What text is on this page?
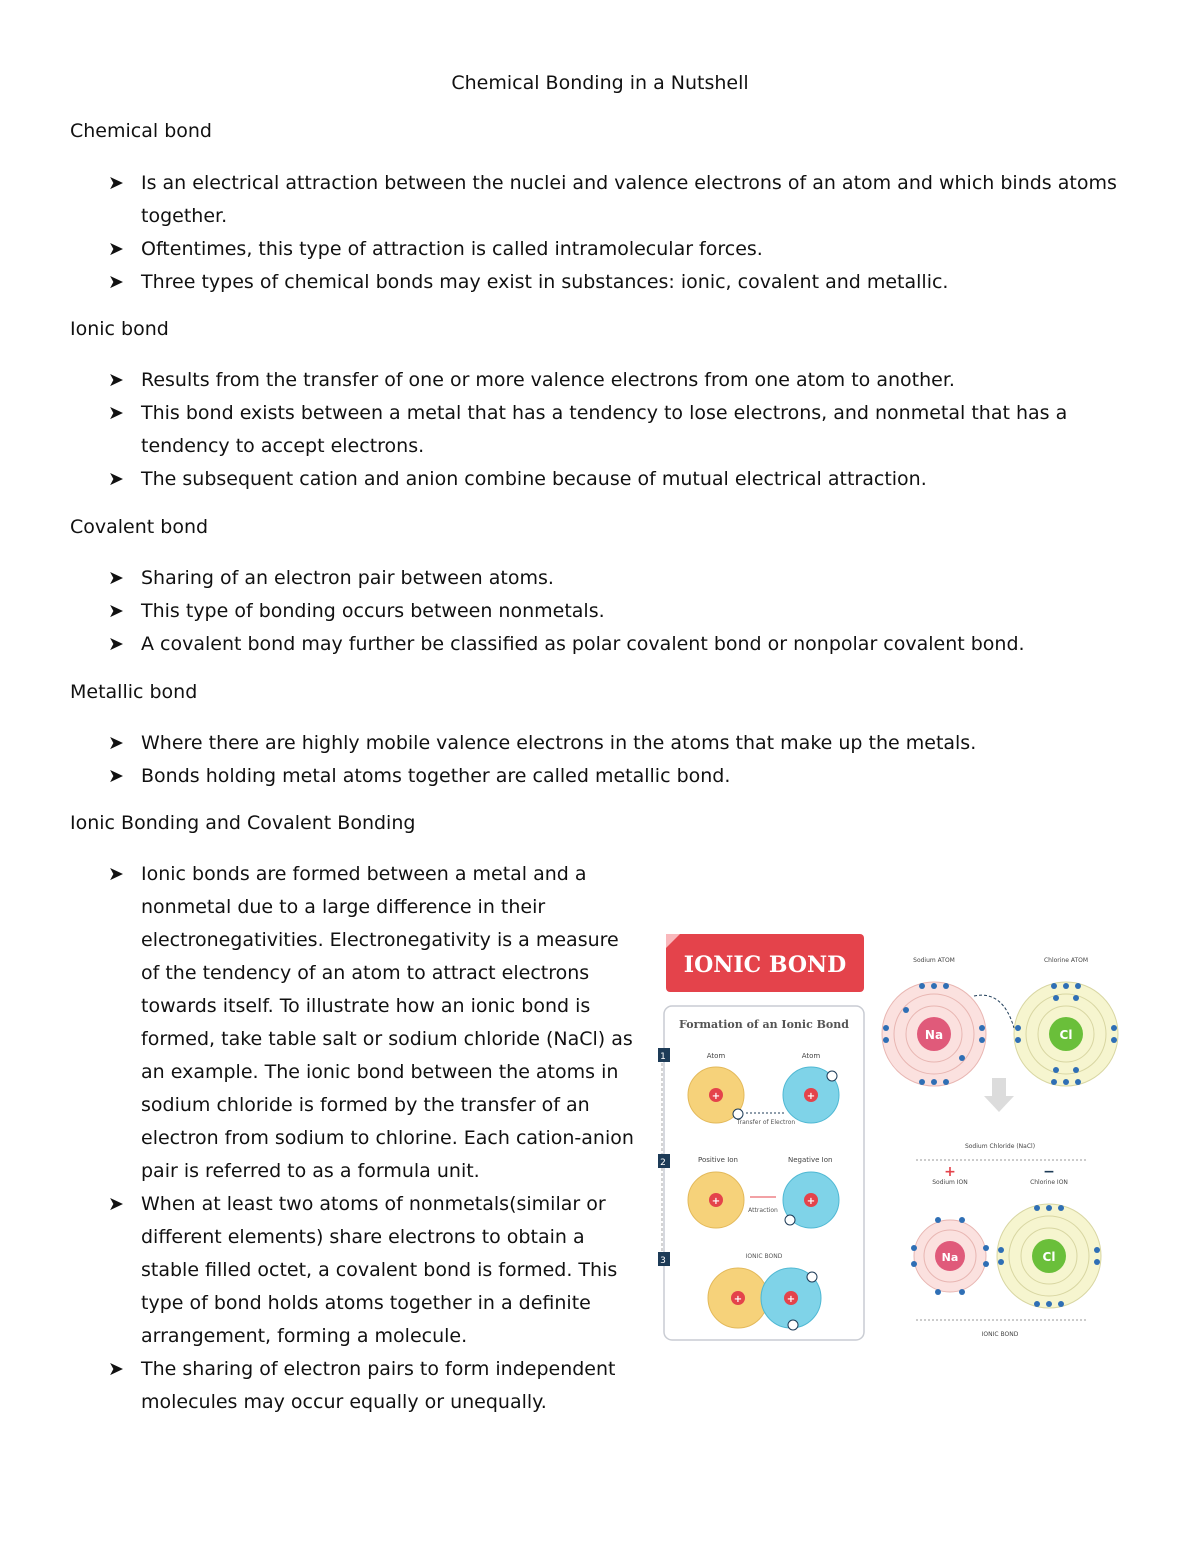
Chemical Bonding in a Nutshell
Chemical bond
➤ Is an electrical attraction between the nuclei and valence electrons of an atom and which binds atoms together.
➤ Oftentimes, this type of attraction is called intramolecular forces.
➤ Three types of chemical bonds may exist in substances: ionic, covalent and metallic.
Ionic bond
➤ Results from the transfer of one or more valence electrons from one atom to another.
➤ This bond exists between a metal that has a tendency to lose electrons, and nonmetal that has a tendency to accept electrons.
➤ The subsequent cation and anion combine because of mutual electrical attraction.
Covalent bond
➤ Sharing of an electron pair between atoms.
➤ This type of bonding occurs between nonmetals.
➤ A covalent bond may further be classified as polar covalent bond or nonpolar covalent bond.
Metallic bond
➤ Where there are highly mobile valence electrons in the atoms that make up the metals.
➤ Bonds holding metal atoms together are called metallic bond.
Ionic Bonding and Covalent Bonding
➤ Ionic bonds are formed between a metal and a nonmetal due to a large difference in their electronegativities. Electronegativity is a measure of the tendency of an atom to attract electrons towards itself. To illustrate how an ionic bond is formed, take table salt or sodium chloride (NaCl) as an example. The ionic bond between the atoms in sodium chloride is formed by the transfer of an electron from sodium to chlorine. Each cation-anion pair is referred to as a formula unit.
➤ When at least two atoms of nonmetals(similar or different elements) share electrons to obtain a stable filled octet, a covalent bond is formed. This type of bond holds atoms together in a definite arrangement, forming a molecule.
➤ The sharing of electron pairs to form independent molecules may occur equally or unequally.
IONIC BOND
Formation of an Ionic Bond
1
2
3
Atom	Atom
+	+
Transfer of Electron
Positive Ion	Negative Ion
+	+
Attraction
IONIC BOND
+	+
Sodium ATOM	Chlorine ATOM
Na	Cl
Sodium Chloride (NaCl)
+	−
Sodium ION	Chlorine ION
Na	Cl
IONIC BOND
